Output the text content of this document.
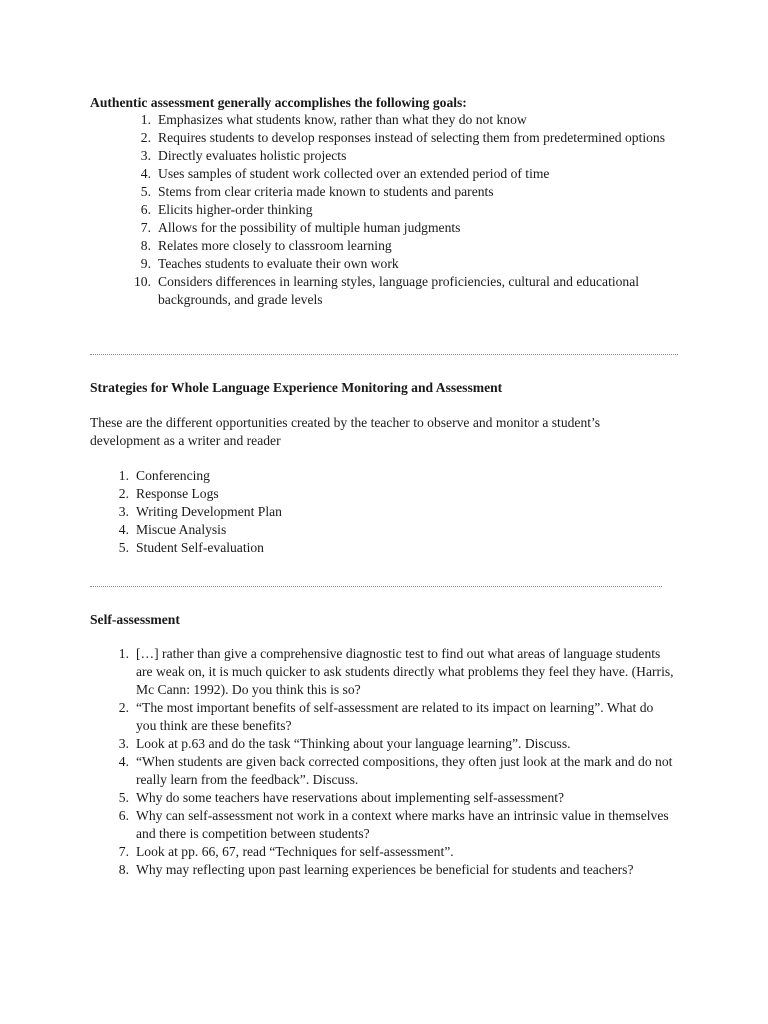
Authentic assessment generally accomplishes the following goals:
1. Emphasizes what students know, rather than what they do not know
2. Requires students to develop responses instead of selecting them from predetermined options
3. Directly evaluates holistic projects
4. Uses samples of student work collected over an extended period of time
5. Stems from clear criteria made known to students and parents
6. Elicits higher-order thinking
7. Allows for the possibility of multiple human judgments
8. Relates more closely to classroom learning
9. Teaches students to evaluate their own work
10. Considers differences in learning styles, language proficiencies, cultural and educational backgrounds, and grade levels
Strategies for Whole Language Experience Monitoring and Assessment
These are the different opportunities created by the teacher to observe and monitor a student’s development as a writer and reader
1. Conferencing
2. Response Logs
3. Writing Development Plan
4. Miscue Analysis
5. Student Self-evaluation
Self-assessment
1. […] rather than give a comprehensive diagnostic test to find out what areas of language students are weak on, it is much quicker to ask students directly what problems they feel they have. (Harris, Mc Cann: 1992). Do you think this is so?
2. “The most important benefits of self-assessment are related to its impact on learning”. What do you think are these benefits?
3. Look at p.63 and do the task “Thinking about your language learning”. Discuss.
4. “When students are given back corrected compositions, they often just look at the mark and do not really learn from the feedback”. Discuss.
5. Why do some teachers have reservations about implementing self-assessment?
6. Why can self-assessment not work in a context where marks have an intrinsic value in themselves and there is competition between students?
7. Look at pp. 66, 67, read “Techniques for self-assessment”.
8. Why may reflecting upon past learning experiences be beneficial for students and teachers?
